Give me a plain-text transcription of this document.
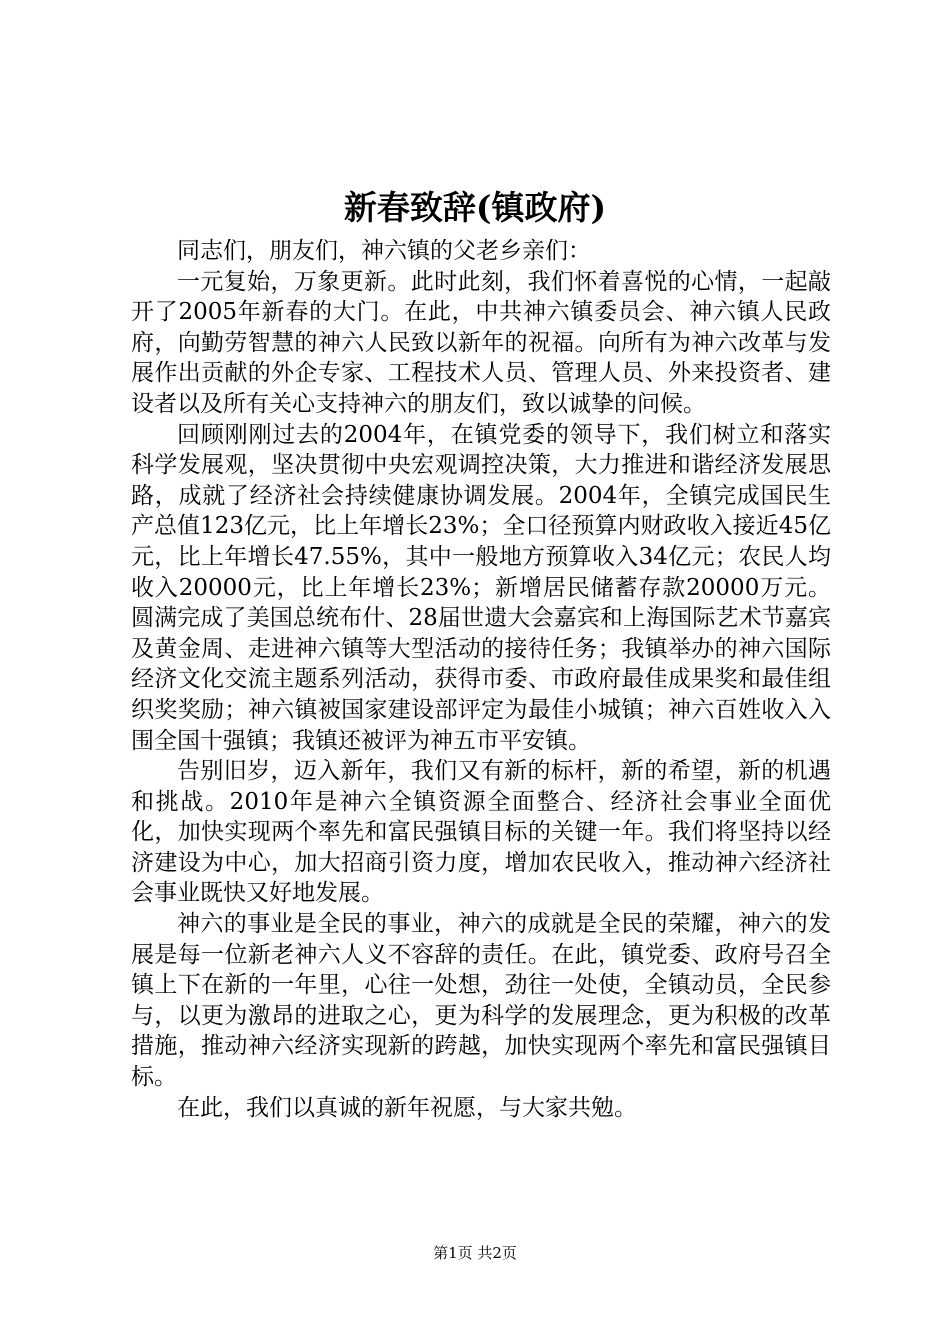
新春致辞(镇政府)

同志们，朋友们，神六镇的父老乡亲们：

一元复始，万象更新。此时此刻，我们怀着喜悦的心情，一起敲开了2005年新春的大门。在此，中共神六镇委员会、神六镇人民政府，向勤劳智慧的神六人民致以新年的祝福。向所有为神六改革与发展作出贡献的外企专家、工程技术人员、管理人员、外来投资者、建设者以及所有关心支持神六的朋友们，致以诚挚的问候。

回顾刚刚过去的2004年，在镇党委的领导下，我们树立和落实科学发展观，坚决贯彻中央宏观调控决策，大力推进和谐经济发展思路，成就了经济社会持续健康协调发展。2004年，全镇完成国民生产总值123亿元，比上年增长23%；全口径预算内财政收入接近45亿元，比上年增长47.55%，其中一般地方预算收入34亿元；农民人均收入20000元，比上年增长23%；新增居民储蓄存款20000万元。圆满完成了美国总统布什、28届世遗大会嘉宾和上海国际艺术节嘉宾及黄金周、走进神六镇等大型活动的接待任务；我镇举办的神六国际经济文化交流主题系列活动，获得市委、市政府最佳成果奖和最佳组织奖奖励；神六镇被国家建设部评定为最佳小城镇；神六百姓收入入围全国十强镇；我镇还被评为神五市平安镇。

告别旧岁，迈入新年，我们又有新的标杆，新的希望，新的机遇和挑战。2010年是神六全镇资源全面整合、经济社会事业全面优化，加快实现两个率先和富民强镇目标的关键一年。我们将坚持以经济建设为中心，加大招商引资力度，增加农民收入，推动神六经济社会事业既快又好地发展。

神六的事业是全民的事业，神六的成就是全民的荣耀，神六的发展是每一位新老神六人义不容辞的责任。在此，镇党委、政府号召全镇上下在新的一年里，心往一处想，劲往一处使，全镇动员，全民参与，以更为激昂的进取之心，更为科学的发展理念，更为积极的改革措施，推动神六经济实现新的跨越，加快实现两个率先和富民强镇目标。

在此，我们以真诚的新年祝愿，与大家共勉。

第1页 共2页
